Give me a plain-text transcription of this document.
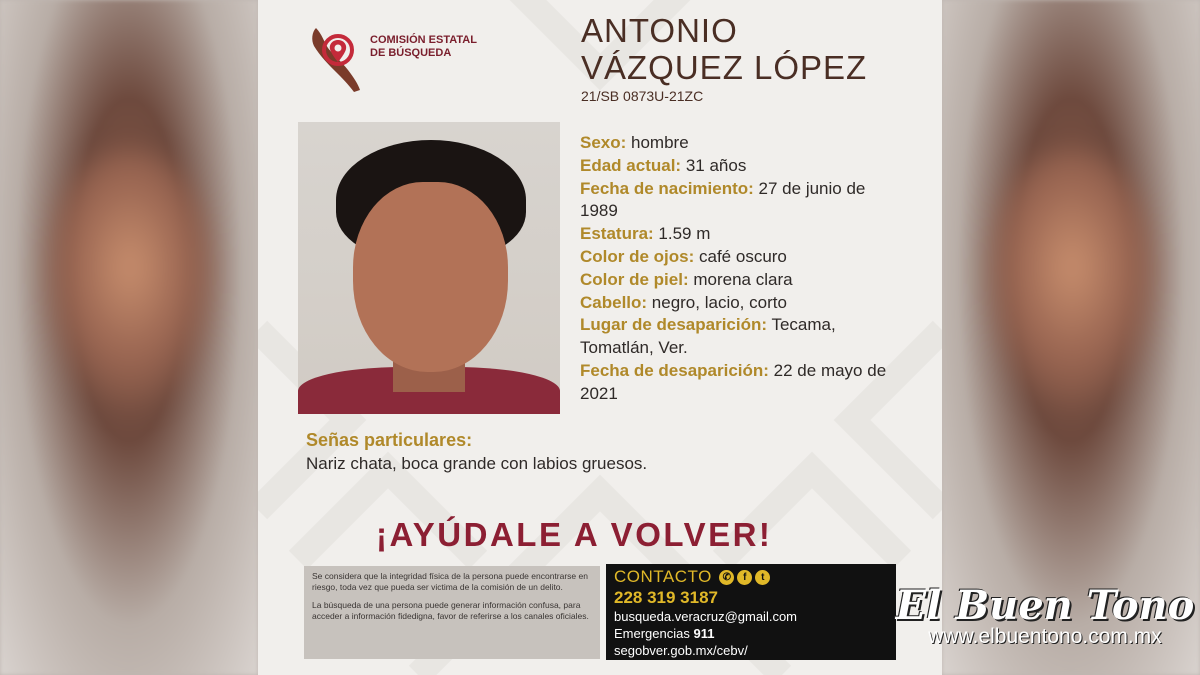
COMISIÓN ESTATAL
DE BÚSQUEDA
ANTONIO
VÁZQUEZ LÓPEZ
21/SB 0873U-21ZC

Sexo: hombre

Edad actual: 31 años

Fecha de nacimiento: 27 de junio de 1989

Estatura: 1.59 m

Color de ojos: café oscuro

Color de piel: morena clara

Cabello: negro, lacio, corto

Lugar de desaparición: Tecama, Tomatlán, Ver.

Fecha de desaparición: 22 de mayo de 2021

Señas particulares:
Nariz chata, boca grande con labios gruesos.
¡AYÚDALE A VOLVER!

Se considera que la integridad física de la persona puede encontrarse en riesgo, toda vez que pueda ser victima de la comisión de un delito.

La búsqueda de una persona puede generar información confusa, para acceder a información fidedigna, favor de referirse a los canales oficiales.

CONTACTO ✆ f t
228 319 3187
busqueda.veracruz@gmail.com
Emergencias 911
segobver.gob.mx/cebv/
El Buen Tono
www.elbuentono.com.mx
